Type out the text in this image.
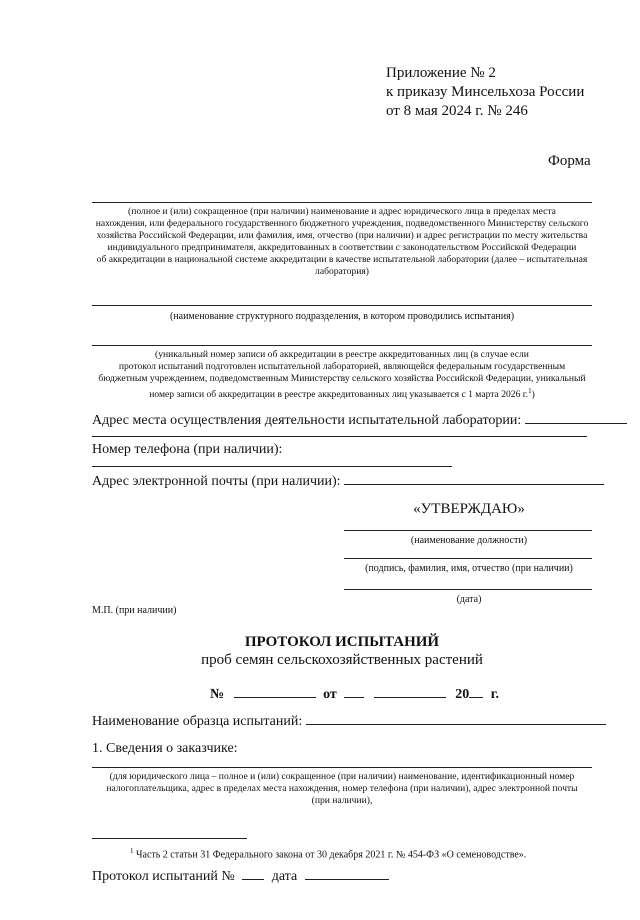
Приложение № 2
к приказу Минсельхоза России
от 8 мая 2024 г. № 246
Форма
(полное и (или) сокращенное (при наличии) наименование и адрес юридического лица в пределах места
нахождения, или федерального государственного бюджетного учреждения, подведомственного Министерству сельского
хозяйства Российской Федерации, или фамилия, имя, отчество (при наличии) и адрес регистрации по месту жительства
индивидуального предпринимателя, аккредитованных в соответствии с законодательством Российской Федерации
об аккредитации в национальной системе аккредитации в качестве испытательной лаборатории (далее – испытательная
лаборатория)
(наименование структурного подразделения, в котором проводились испытания)
(уникальный номер записи об аккредитации в реестре аккредитованных лиц (в случае если
протокол испытаний подготовлен испытательной лабораторией, являющейся федеральным государственным
бюджетным учреждением, подведомственным Министерству сельского хозяйства Российской Федерации, уникальный
номер записи об аккредитации в реестре аккредитованных лиц указывается с 1 марта 2026 г.$^1$)
Адрес места осуществления деятельности испытательной лаборатории:
Номер телефона (при наличии):
Адрес электронной почты (при наличии):
«УТВЕРЖДАЮ»
(наименование должности)
(подпись, фамилия, имя, отчество (при наличии)
(дата)
М.П. (при наличии)
ПРОТОКОЛ ИСПЫТАНИЙ
проб семян сельскохозяйственных растений
№	от	20 г.
Наименование образца испытаний:
1. Сведения о заказчике:
(для юридического лица – полное и (или) сокращенное (при наличии) наименование, идентификационный номер
налогоплательщика, адрес в пределах места нахождения, номер телефона (при наличии), адрес электронной почты
(при наличии),
$^1$ Часть 2 статьи 31 Федерального закона от 30 декабря 2021 г. № 454-ФЗ «О семеноводстве».
Протокол испытаний №	дата
